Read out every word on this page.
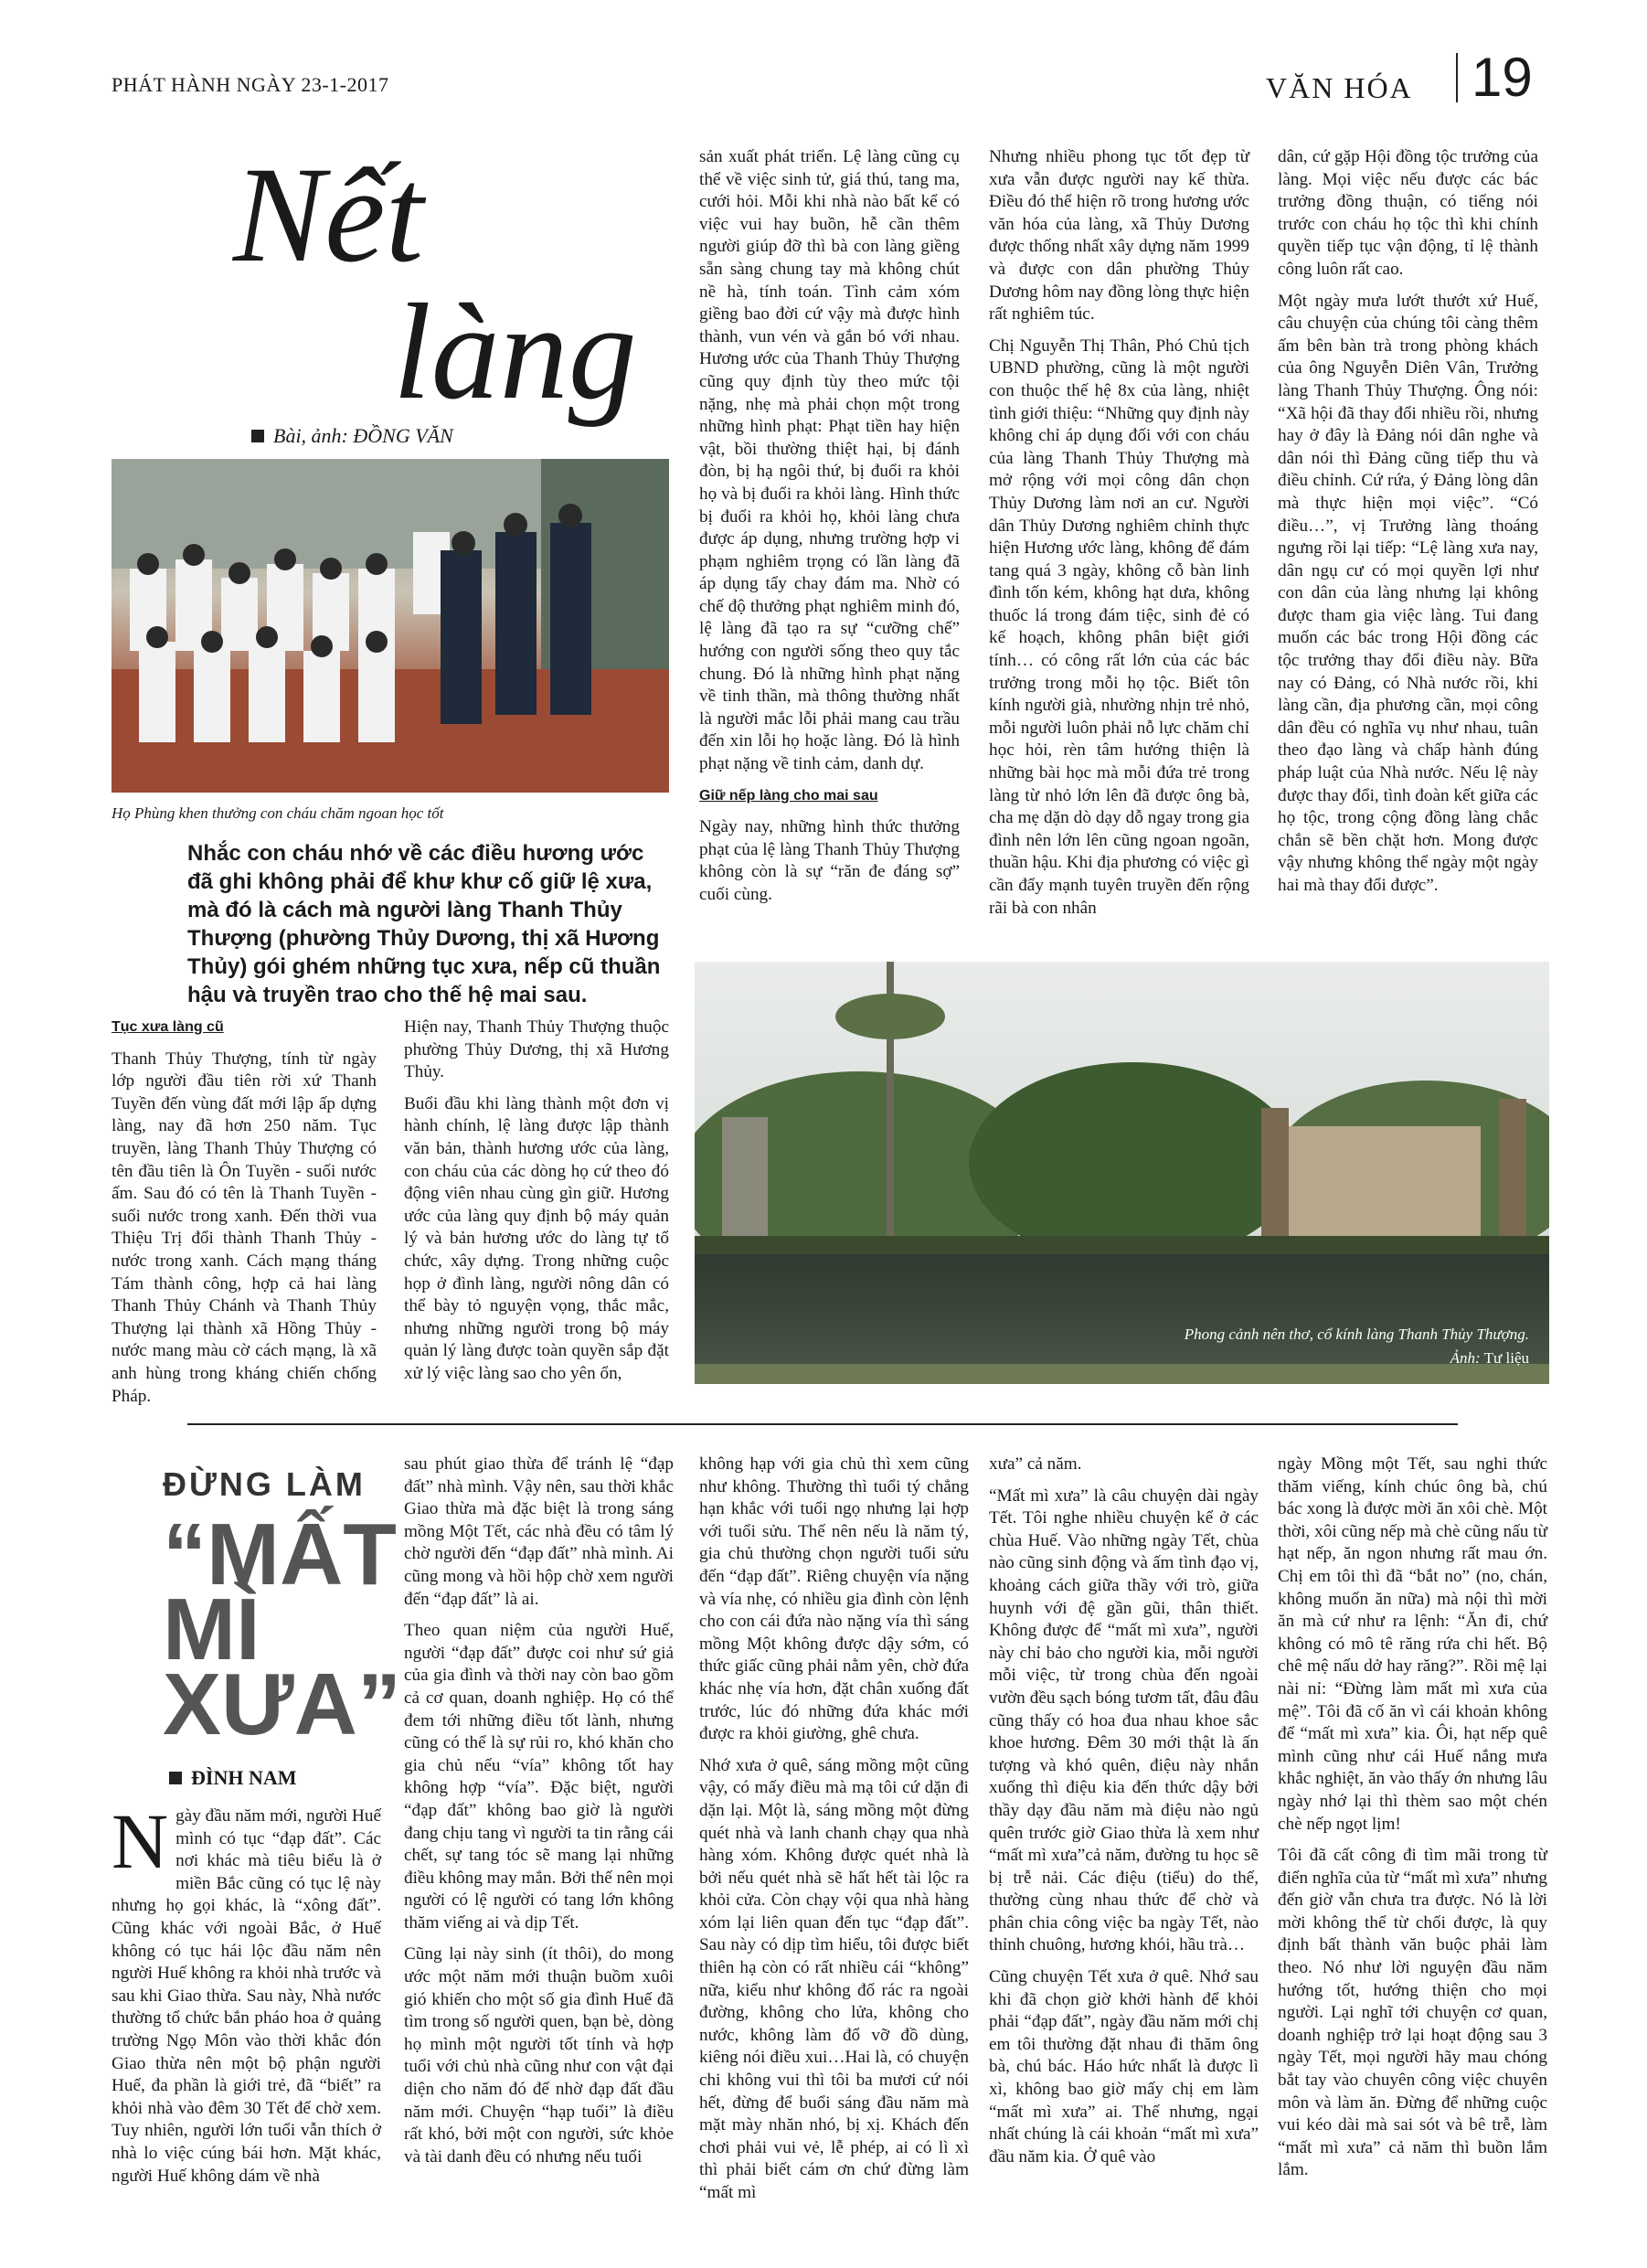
PHÁT HÀNH NGÀY 23-1-2017	VĂN HÓA 19
Nết
làng
Bài, ảnh: ĐỒNG VĂN
Họ Phùng khen thưởng con cháu chăm ngoan học tốt
Nhắc con cháu nhớ về các điều hương ước đã ghi không phải để khư khư cố giữ lệ xưa, mà đó là cách mà người làng Thanh Thủy Thượng (phường Thủy Dương, thị xã Hương Thủy) gói ghém những tục xưa, nếp cũ thuần hậu và truyền trao cho thế hệ mai sau.

Tục xưa làng cũ

Thanh Thủy Thượng, tính từ ngày lớp người đầu tiên rời xứ Thanh Tuyền đến vùng đất mới lập ấp dựng làng, nay đã hơn 250 năm. Tục truyền, làng Thanh Thủy Thượng có tên đầu tiên là Ôn Tuyền - suối nước ấm. Sau đó có tên là Thanh Tuyền - suối nước trong xanh. Đến thời vua Thiệu Trị đổi thành Thanh Thủy - nước trong xanh. Cách mạng tháng Tám thành công, hợp cả hai làng Thanh Thủy Chánh và Thanh Thủy Thượng lại thành xã Hồng Thủy - nước mang màu cờ cách mạng, là xã anh hùng trong kháng chiến chống Pháp.

Hiện nay, Thanh Thủy Thượng thuộc phường Thủy Dương, thị xã Hương Thủy.

Buổi đầu khi làng thành một đơn vị hành chính, lệ làng được lập thành văn bản, thành hương ước của làng, con cháu của các dòng họ cứ theo đó động viên nhau cùng gìn giữ. Hương ước của làng quy định bộ máy quản lý và bản hương ước do làng tự tổ chức, xây dựng. Trong những cuộc họp ở đình làng, người nông dân có thể bày tỏ nguyện vọng, thắc mắc, nhưng những người trong bộ máy quản lý làng được toàn quyền sắp đặt xử lý việc làng sao cho yên ổn,

sản xuất phát triển. Lệ làng cũng cụ thể về việc sinh tử, giá thú, tang ma, cưới hỏi. Mỗi khi nhà nào bất kể có việc vui hay buồn, hễ cần thêm người giúp đỡ thì bà con làng giềng sẵn sàng chung tay mà không chút nề hà, tính toán. Tình cảm xóm giềng bao đời cứ vậy mà được hình thành, vun vén và gắn bó với nhau. Hương ước của Thanh Thủy Thượng cũng quy định tùy theo mức tội nặng, nhẹ mà phải chọn một trong những hình phạt: Phạt tiền hay hiện vật, bồi thường thiệt hại, bị đánh đòn, bị hạ ngôi thứ, bị đuổi ra khỏi họ và bị đuổi ra khỏi làng. Hình thức bị đuổi ra khỏi họ, khỏi làng chưa được áp dụng, nhưng trường hợp vi phạm nghiêm trọng có lần làng đã áp dụng tẩy chay đám ma. Nhờ có chế độ thưởng phạt nghiêm minh đó, lệ làng đã tạo ra sự “cưỡng chế” hướng con người sống theo quy tắc chung. Đó là những hình phạt nặng về tinh thần, mà thông thường nhất là người mắc lỗi phải mang cau trầu đến xin lỗi họ hoặc làng. Đó là hình phạt nặng về tinh cảm, danh dự.

Giữ nếp làng cho mai sau

Ngày nay, những hình thức thưởng phạt của lệ làng Thanh Thủy Thượng không còn là sự “răn đe đáng sợ” cuối cùng.

Nhưng nhiều phong tục tốt đẹp từ xưa vẫn được người nay kế thừa. Điều đó thể hiện rõ trong hương ước văn hóa của làng, xã Thủy Dương được thống nhất xây dựng năm 1999 và được con dân phường Thủy Dương hôm nay đồng lòng thực hiện rất nghiêm túc.

Chị Nguyễn Thị Thân, Phó Chủ tịch UBND phường, cũng là một người con thuộc thế hệ 8x của làng, nhiệt tình giới thiệu: “Những quy định này không chỉ áp dụng đối với con cháu của làng Thanh Thủy Thượng mà mở rộng với mọi công dân chọn Thủy Dương làm nơi an cư. Người dân Thủy Dương nghiêm chỉnh thực hiện Hương ước làng, không để đám tang quá 3 ngày, không cỗ bàn linh đình tốn kém, không hạt dưa, không thuốc lá trong đám tiệc, sinh đẻ có kế hoạch, không phân biệt giới tính… có công rất lớn của các bác trưởng trong mỗi họ tộc. Biết tôn kính người già, nhường nhịn trẻ nhỏ, mỗi người luôn phải nỗ lực chăm chỉ học hỏi, rèn tâm hướng thiện là những bài học mà mỗi đứa trẻ trong làng từ nhỏ lớn lên đã được ông bà, cha mẹ dặn dò dạy dỗ ngay trong gia đình nên lớn lên cũng ngoan ngoãn, thuần hậu. Khi địa phương có việc gì cần đẩy mạnh tuyên truyền đến rộng rãi bà con nhân

dân, cứ gặp Hội đồng tộc trưởng của làng. Mọi việc nếu được các bác trưởng đồng thuận, có tiếng nói trước con cháu họ tộc thì khi chính quyền tiếp tục vận động, tỉ lệ thành công luôn rất cao.

Một ngày mưa lướt thướt xứ Huế, câu chuyện của chúng tôi càng thêm ấm bên bàn trà trong phòng khách của ông Nguyễn Diên Vân, Trưởng làng Thanh Thủy Thượng. Ông nói: “Xã hội đã thay đổi nhiều rồi, nhưng hay ở đây là Đảng nói dân nghe và dân nói thì Đảng cũng tiếp thu và điều chỉnh. Cứ rứa, ý Đảng lòng dân mà thực hiện mọi việc”. “Có điều…”, vị Trưởng làng thoáng ngưng rồi lại tiếp: “Lệ làng xưa nay, dân ngụ cư có mọi quyền lợi như con dân của làng nhưng lại không được tham gia việc làng. Tui đang muốn các bác trong Hội đồng các tộc trưởng thay đổi điều này. Bữa nay có Đảng, có Nhà nước rồi, khi làng cần, địa phương cần, mọi công dân đều có nghĩa vụ như nhau, tuân theo đạo làng và chấp hành đúng pháp luật của Nhà nước. Nếu lệ này được thay đổi, tình đoàn kết giữa các họ tộc, trong cộng đồng làng chắc chắn sẽ bền chặt hơn. Mong được vậy nhưng không thể ngày một ngày hai mà thay đổi được”.

Phong cảnh nên thơ, cổ kính làng Thanh Thủy Thượng.
Ảnh: Tư liệu
ĐỪNG LÀM
“MẤT
MÌ
XƯA”
ĐÌNH NAM

Ngày đầu năm mới, người Huế mình có tục “đạp đất”. Các nơi khác mà tiêu biểu là ở miền Bắc cũng có tục lệ này nhưng họ gọi khác, là “xông đất”. Cũng khác với ngoài Bắc, ở Huế không có tục hái lộc đầu năm nên người Huế không ra khỏi nhà trước và sau khi Giao thừa. Sau này, Nhà nước thường tổ chức bắn pháo hoa ở quảng trường Ngọ Môn vào thời khắc đón Giao thừa nên một bộ phận người Huế, đa phần là giới trẻ, đã “biết” ra khỏi nhà vào đêm 30 Tết để chờ xem. Tuy nhiên, người lớn tuổi vẫn thích ở nhà lo việc cúng bái hơn. Mặt khác, người Huế không dám về nhà

sau phút giao thừa để tránh lệ “đạp đất” nhà mình. Vậy nên, sau thời khắc Giao thừa mà đặc biệt là trong sáng mồng Một Tết, các nhà đều có tâm lý chờ người đến “đạp đất” nhà mình. Ai cũng mong và hồi hộp chờ xem người đến “đạp đất” là ai.

Theo quan niệm của người Huế, người “đạp đất” được coi như sứ giả của gia đình và thời nay còn bao gồm cả cơ quan, doanh nghiệp. Họ có thể đem tới những điều tốt lành, nhưng cũng có thể là sự rủi ro, khó khăn cho gia chủ nếu “vía” không tốt hay không hợp “vía”. Đặc biệt, người “đạp đất” không bao giờ là người đang chịu tang vì người ta tin rằng cái chết, sự tang tóc sẽ mang lại những điều không may mắn. Bởi thế nên mọi người có lệ người có tang lớn không thăm viếng ai và dịp Tết.

Cũng lại này sinh (ít thôi), do mong ước một năm mới thuận buồm xuôi gió khiến cho một số gia đình Huế đã tìm trong số người quen, bạn bè, dòng họ mình một người tốt tính và hợp tuổi với chủ nhà cũng như con vật đại diện cho năm đó để nhờ đạp đất đầu năm mới. Chuyện “hạp tuổi” là điều rất khó, bởi một con người, sức khỏe và tài danh đều có nhưng nếu tuổi

không hạp với gia chủ thì xem cũng như không. Thường thì tuổi tý chẳng hạn khắc với tuổi ngọ nhưng lại hợp với tuổi sửu. Thế nên nếu là năm tý, gia chủ thường chọn người tuổi sửu đến “đạp đất”. Riêng chuyện vía nặng và vía nhẹ, có nhiều gia đình còn lệnh cho con cái đứa nào nặng vía thì sáng mồng Một không được dậy sớm, có thức giấc cũng phải nằm yên, chờ đứa khác nhẹ vía hơn, đặt chân xuống đất trước, lúc đó những đứa khác mới được ra khỏi giường, ghê chưa.

Nhớ xưa ở quê, sáng mồng một cũng vậy, có mấy điều mà mạ tôi cứ dặn đi dặn lại. Một là, sáng mồng một đừng quét nhà và lanh chanh chạy qua nhà hàng xóm. Không được quét nhà là bởi nếu quét nhà sẽ hất hết tài lộc ra khỏi cửa. Còn chạy vội qua nhà hàng xóm lại liên quan đến tục “đạp đất”. Sau này có dịp tìm hiểu, tôi được biết thiên hạ còn có rất nhiều cái “không” nữa, kiểu như không đổ rác ra ngoài đường, không cho lửa, không cho nước, không làm đổ vỡ đồ dùng, kiêng nói điều xui…Hai là, có chuyện chi không vui thì tôi ba mươi cứ nói hết, đừng để buổi sáng đầu năm mà mặt mày nhăn nhó, bị xị. Khách đến chơi phải vui vẻ, lễ phép, ai có lì xì thì phải biết cám ơn chứ đừng làm “mất mì

xưa” cả năm.

“Mất mì xưa” là câu chuyện dài ngày Tết. Tôi nghe nhiều chuyện kể ở các chùa Huế. Vào những ngày Tết, chùa nào cũng sinh động và ấm tình đạo vị, khoảng cách giữa thầy với trò, giữa huynh với đệ gần gũi, thân thiết. Không được để “mất mì xưa”, người này chỉ bảo cho người kia, mỗi người mỗi việc, từ trong chùa đến ngoài vườn đều sạch bóng tươm tất, đâu đâu cũng thấy có hoa đua nhau khoe sắc khoe hương. Đêm 30 mới thật là ấn tượng và khó quên, điệu này nhắn xuống thì điệu kia đến thức dậy bởi thầy dạy đầu năm mà điệu nào ngủ quên trước giờ Giao thừa là xem như “mất mì xưa”cả năm, đường tu học sẽ bị trễ nải. Các điệu (tiểu) do thế, thường cùng nhau thức để chờ và phân chia công việc ba ngày Tết, nào thỉnh chuông, hương khói, hầu trà…

Cũng chuyện Tết xưa ở quê. Nhớ sau khi đã chọn giờ khởi hành để khỏi phải “đạp đất”, ngày đầu năm mới chị em tôi thường đặt nhau đi thăm ông bà, chú bác. Háo hức nhất là được lì xì, không bao giờ mấy chị em làm “mất mì xưa” ai. Thế nhưng, ngại nhất chúng là cái khoản “mất mì xưa” đầu năm kia. Ở quê vào

ngày Mồng một Tết, sau nghi thức thăm viếng, kính chúc ông bà, chú bác xong là được mời ăn xôi chè. Một thời, xôi cũng nếp mà chè cũng nấu từ hạt nếp, ăn ngon nhưng rất mau ớn. Chị em tôi thì đã “bắt no” (no, chán, không muốn ăn nữa) mà nội thì mời ăn mà cứ như ra lệnh: “Ăn đi, chứ không có mô tê răng rứa chi hết. Bộ chê mệ nấu dở hay răng?”. Rồi mệ lại nài nỉ: “Đừng làm mất mì xưa của mệ”. Tôi đã cố ăn vì cái khoản không để “mất mì xưa” kia. Ôi, hạt nếp quê mình cũng như cái Huế nắng mưa khắc nghiệt, ăn vào thấy ớn nhưng lâu ngày nhớ lại thì thèm sao một chén chè nếp ngọt lịm!

Tôi đã cất công đi tìm mãi trong từ điển nghĩa của từ “mất mì xưa” nhưng đến giờ vẫn chưa tra được. Nó là lời mời không thể từ chối được, là quy định bất thành văn buộc phải làm theo. Nó như lời nguyện đầu năm hướng tốt, hướng thiện cho mọi người. Lại nghĩ tới chuyện cơ quan, doanh nghiệp trở lại hoạt động sau 3 ngày Tết, mọi người hãy mau chóng bắt tay vào chuyên công việc chuyên môn và làm ăn. Đừng để những cuộc vui kéo dài mà sai sót và bê trễ, làm “mất mì xưa” cả năm thì buồn lắm lắm.
